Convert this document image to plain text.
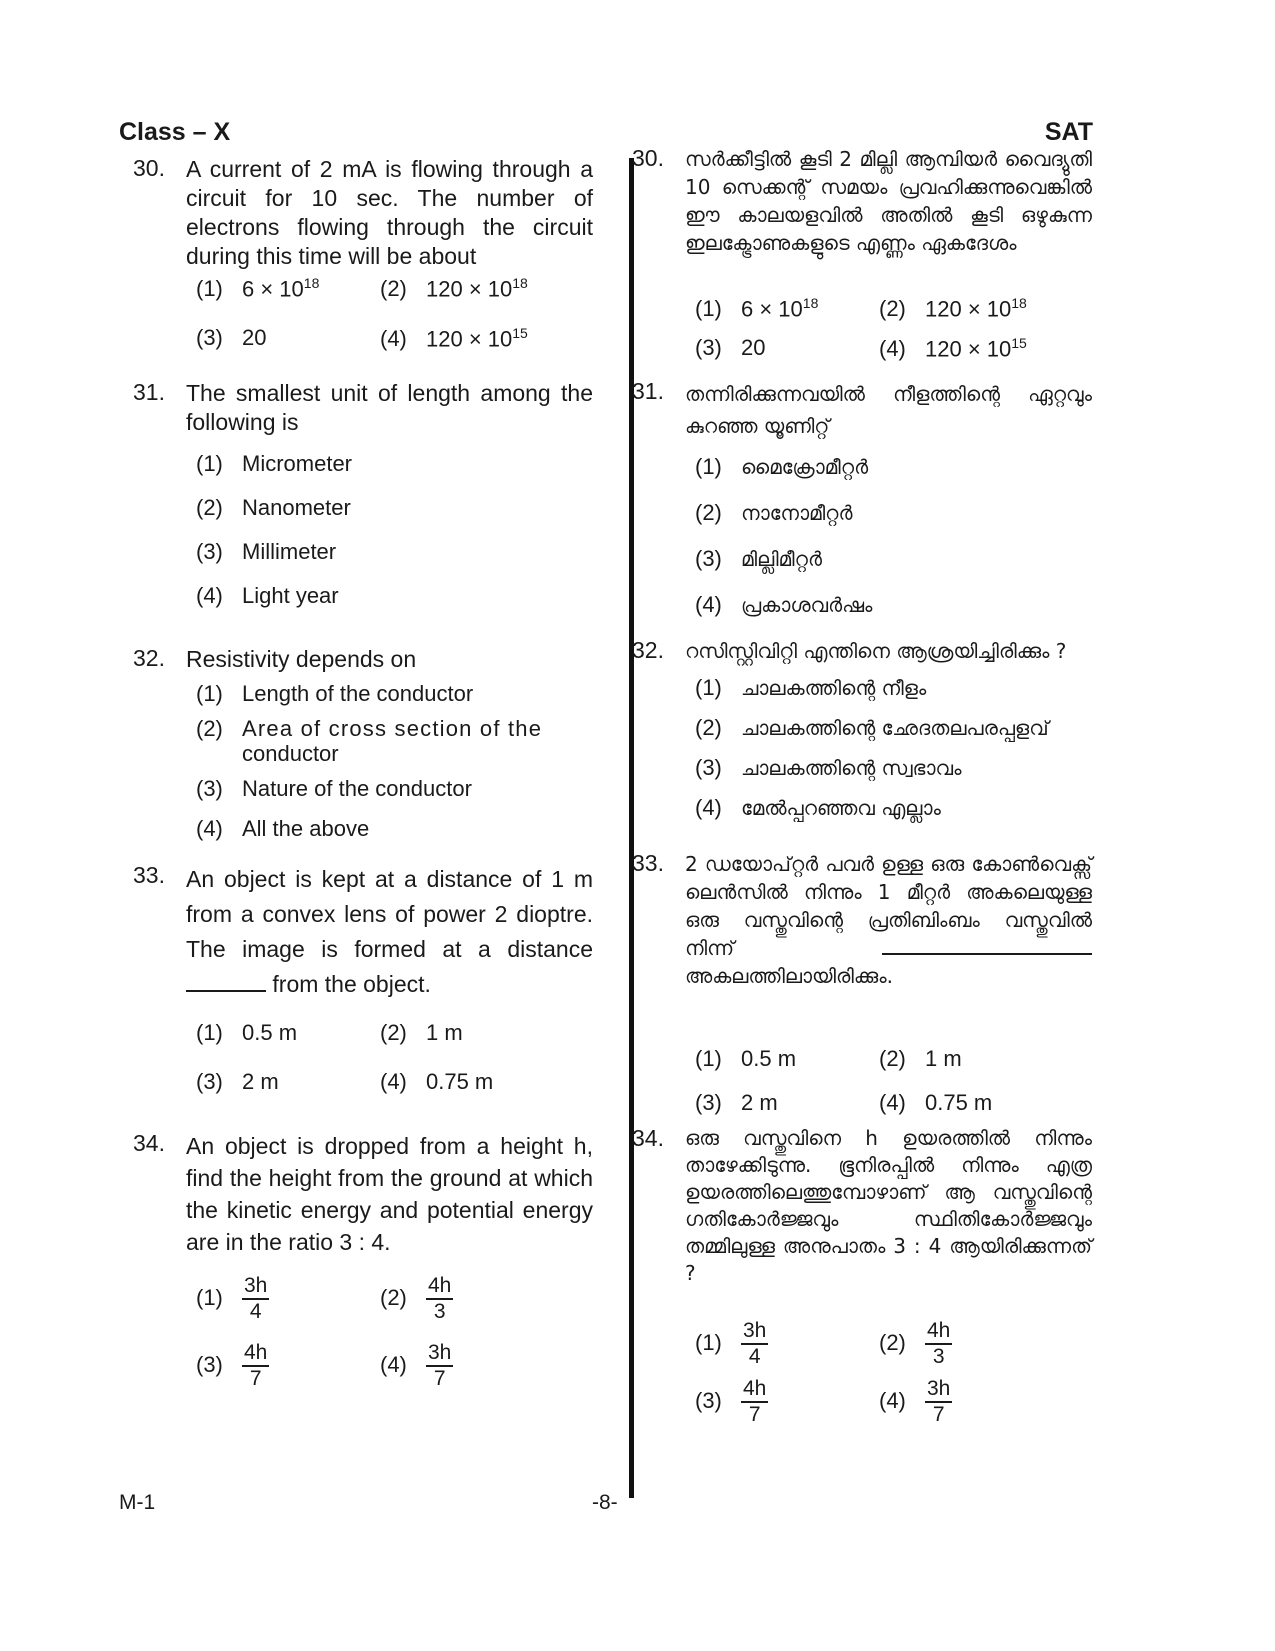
Class – X	SAT
30. A current of 2 mA is flowing through a circuit for 10 sec. The number of electrons flowing through the circuit during this time will be about
(1) $6 \times 10^{18}$	(2) $120 \times 10^{18}$
(3) 20	(4) $120 \times 10^{15}$
31. The smallest unit of length among the following is
(1) Micrometer
(2) Nanometer
(3) Millimeter
(4) Light year
32. Resistivity depends on
(1) Length of the conductor
(2) Area of cross section of the
conductor
(3) Nature of the conductor
(4) All the above
33. An object is kept at a distance of 1 m from a convex lens of power 2 dioptre. The image is formed at a distance  from the object.
(1) 0.5 m	(2) 1 m
(3) 2 m	(4) 0.75 m
34. An object is dropped from a height h, find the height from the ground at which the kinetic energy and potential energy are in the ratio 3 : 4.
$(1) \frac{3h}{4}$	$(2) \frac{4h}{3}$
$(3) \frac{4h}{7}$	$(4) \frac{3h}{7}$
30. സർക്കീട്ടിൽ കൂടി 2 മില്ലി ആമ്പിയർ വൈദ്യുതി 10 സെക്കന്റ് സമയം പ്രവഹിക്കുന്നുവെങ്കിൽ ഈ കാലയളവിൽ അതിൽ കൂടി ഒഴുകുന്ന ഇലക്ട്രോണുകളുടെ എണ്ണം ഏകദേശം
(1) $6 \times 10^{18}$	(2) $120 \times 10^{18}$
(3) 20	(4) $120 \times 10^{15}$
31. തന്നിരിക്കുന്നവയിൽ നീളത്തിന്റെ ഏറ്റവും കുറഞ്ഞ യൂണിറ്റ്
(1) മൈക്രോമീറ്റർ
(2) നാനോമീറ്റർ
(3) മില്ലിമീറ്റർ
(4) പ്രകാശവർഷം
32. റസിസ്റ്റിവിറ്റി എന്തിനെ ആശ്രയിച്ചിരിക്കും ?
(1) ചാലകത്തിന്റെ നീളം
(2) ചാലകത്തിന്റെ ഛേദതലപരപ്പളവ്
(3) ചാലകത്തിന്റെ സ്വഭാവം
(4) മേൽപ്പറഞ്ഞവ എല്ലാം
33. 2 ഡയോപ്റ്റർ പവർ ഉള്ള ഒരു കോൺവെക്സ് ലെൻസിൽ നിന്നും 1 മീറ്റർ അകലെയുള്ള ഒരു വസ്തുവിന്റെ പ്രതിബിംബം വസ്തുവിൽ നിന്ന്  അകലത്തിലായിരിക്കും.
(1) 0.5 m	(2) 1 m
(3) 2 m	(4) 0.75 m
34. ഒരു വസ്തുവിനെ h ഉയരത്തിൽ നിന്നും താഴേക്കിടുന്നു. ഭൂനിരപ്പിൽ നിന്നും എത്ര ഉയരത്തിലെത്തുമ്പോഴാണ് ആ വസ്തുവിന്റെ ഗതികോർജ്ജവും സ്ഥിതികോർജ്ജവും തമ്മിലുള്ള അനുപാതം 3 : 4 ആയിരിക്കുന്നത് ?
$(1) \frac{3h}{4}$	$(2) \frac{4h}{3}$
$(3) \frac{4h}{7}$	$(4) \frac{3h}{7}$
M-1	-8-
